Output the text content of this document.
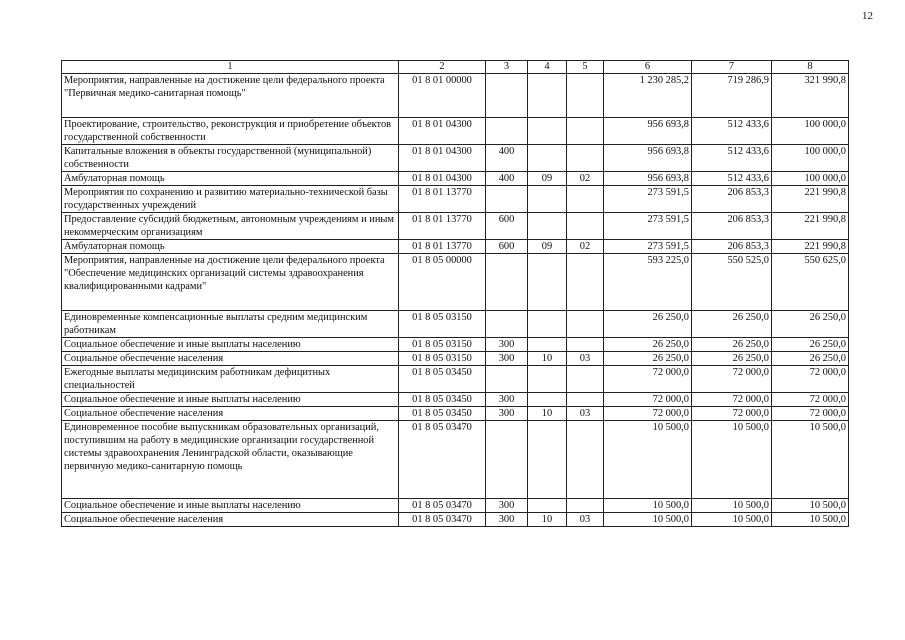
12
1	2	3	4	5	6	7	8
Мероприятия, направленные на достижение цели федерального проекта "Первичная медико-санитарная помощь"	01 8 01 00000				1 230 285,2	719 286,9	321 990,8
Проектирование, строительство, реконструкция и приобретение объектов государственной собственности	01 8 01 04300				956 693,8	512 433,6	100 000,0
Капитальные вложения в объекты государственной (муниципальной) собственности	01 8 01 04300	400			956 693,8	512 433,6	100 000,0
Амбулаторная помощь	01 8 01 04300	400	09	02	956 693,8	512 433,6	100 000,0
Мероприятия по сохранению и развитию материально-технической базы государственных учреждений	01 8 01 13770				273 591,5	206 853,3	221 990,8
Предоставление субсидий бюджетным, автономным учреждениям и иным некоммерческим организациям	01 8 01 13770	600			273 591,5	206 853,3	221 990,8
Амбулаторная помощь	01 8 01 13770	600	09	02	273 591,5	206 853,3	221 990,8
Мероприятия, направленные на достижение цели федерального проекта "Обеспечение медицинских организаций системы здравоохранения квалифицированными кадрами"	01 8 05 00000				593 225,0	550 525,0	550 625,0
Единовременные компенсационные выплаты средним медицинским работникам	01 8 05 03150				26 250,0	26 250,0	26 250,0
Социальное обеспечение и иные выплаты населению	01 8 05 03150	300			26 250,0	26 250,0	26 250,0
Социальное обеспечение населения	01 8 05 03150	300	10	03	26 250,0	26 250,0	26 250,0
Ежегодные выплаты медицинским работникам дефицитных специальностей	01 8 05 03450				72 000,0	72 000,0	72 000,0
Социальное обеспечение и иные выплаты населению	01 8 05 03450	300			72 000,0	72 000,0	72 000,0
Социальное обеспечение населения	01 8 05 03450	300	10	03	72 000,0	72 000,0	72 000,0
Единовременное пособие выпускникам образовательных организаций, поступившим на работу в медицинские организации государственной системы здравоохранения Ленинградской области, оказывающие первичную медико-санитарную помощь	01 8 05 03470				10 500,0	10 500,0	10 500,0
Социальное обеспечение и иные выплаты населению	01 8 05 03470	300			10 500,0	10 500,0	10 500,0
Социальное обеспечение населения	01 8 05 03470	300	10	03	10 500,0	10 500,0	10 500,0
